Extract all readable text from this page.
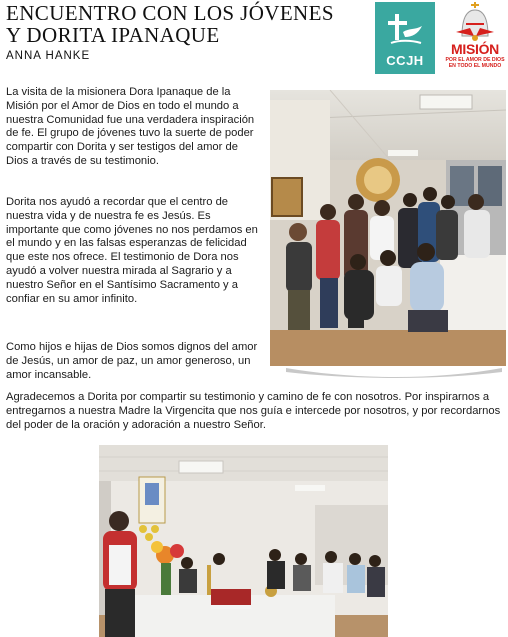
ENCUENTRO CON LOS JÓVENES Y DORITA IPANAQUE
ANNA HANKE	CCJH
MISIÓN
POR EL AMOR DE DIOS EN TODO EL MUNDO

La visita de la misionera Dora Ipanaque de la Misión por el Amor de Dios en todo el mundo a nuestra Comunidad fue una verdadera inspiración de fe. El grupo de jóvenes tuvo la suerte de poder compartir con Dorita y ser testigos del amor de Dios a través de su testimonio.

Dorita nos ayudó a recordar que el centro de nuestra vida y de nuestra fe es Jesús. Es importante que como jóvenes no nos perdamos en el mundo y en las falsas esperanzas de felicidad que este nos ofrece. El testimonio de Dora nos ayudó a volver nuestra mirada al Sagrario y a nuestro Señor en el Santísimo Sacramento y a confiar en su amor infinito.

Como hijos e hijas de Dios somos dignos del amor de Jesús, un amor de paz, un amor generoso, un amor incansable.

Agradecemos a Dorita por compartir su testimonio y camino de fe con nosotros. Por inspirarnos a entregarnos a nuestra Madre la Virgencita que nos guía e intercede por nosotros, y por recordarnos del poder de la oración y adoración a nuestro Señor.
